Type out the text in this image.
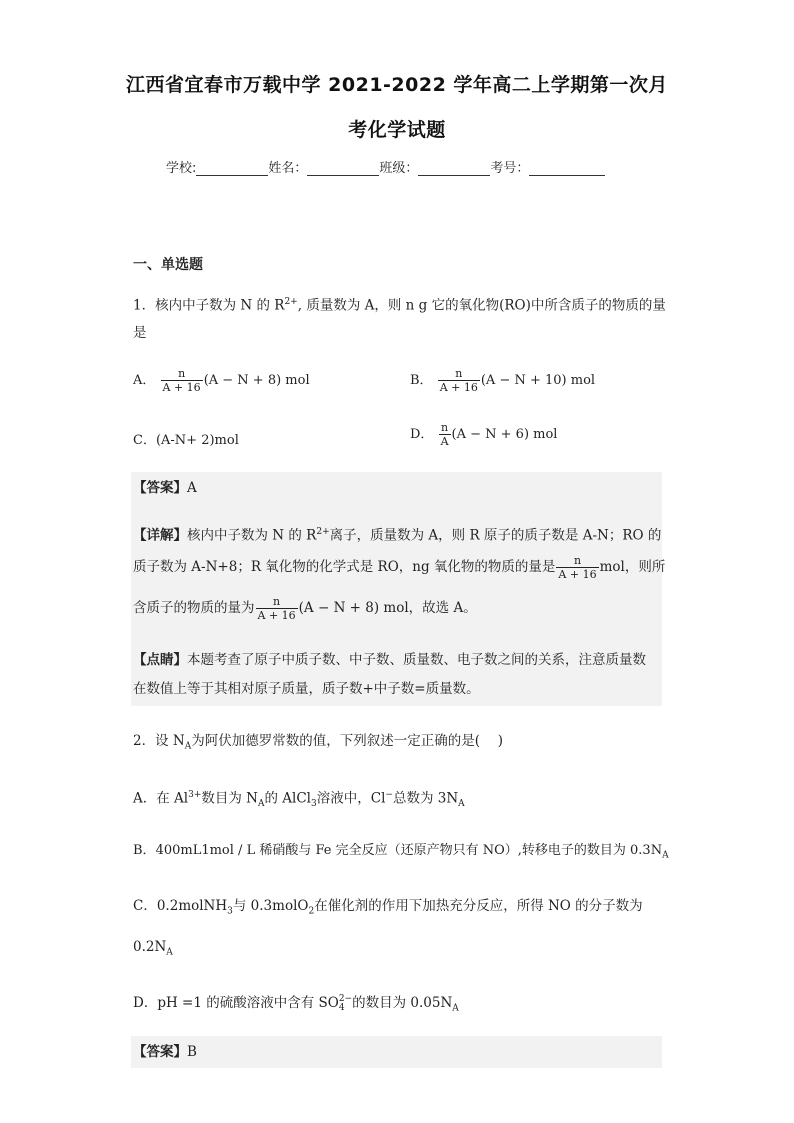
江西省宜春市万载中学 2021-2022 学年高二上学期第一次月
考化学试题
学校:	姓名：	班级：	考号：
一、单选题
1．核内中子数为 N 的 $R^{2+}$, 质量数为 A，则 n g 它的氧化物(RO)中所含质子的物质的量
是
A． $\frac{n}{A + 16} (A - N + 8)$ mol	B． $\frac{n}{A + 16} (A - N + 10)$ mol
C．(A-N+ 2)mol	D． $\frac{n}{A} (A - N + 6)$ mol
【答案】A
【详解】核内中子数为 N 的 $R^{2+}$离子，质量数为 A，则 R 原子的质子数是 A-N；RO 的
质子数为 A-N+8；R 氧化物的化学式是 RO，ng 氧化物的物质的量是 $\frac{n}{A + 16}$ mol，则所
含质子的物质的量为 $\frac{n}{A + 16} (A - N + 8)$ mol，故选 A。
【点睛】本题考查了原子中质子数、中子数、质量数、电子数之间的关系，注意质量数
在数值上等于其相对原子质量，质子数+中子数=质量数。
2．设 $N_A$为阿伏加德罗常数的值，下列叙述一定正确的是(　 )
A．在 $Al^{3+}$数目为 $N_A$的 AlCl$_3$溶液中，Cl−总数为 $3N_A$
B．400mL1mol / L 稀硝酸与 Fe 完全反应（还原产物只有 NO）,转移电子的数目为 $0.3N_A$
C．0.2molNH$_3$与 0.3molO$_2$在催化剂的作用下加热充分反应，所得 NO 的分子数为
$0.2N_A$
D．pH =1 的硫酸溶液中含有 SO 2−
4 的数目为 $0.05N_A$
【答案】B
